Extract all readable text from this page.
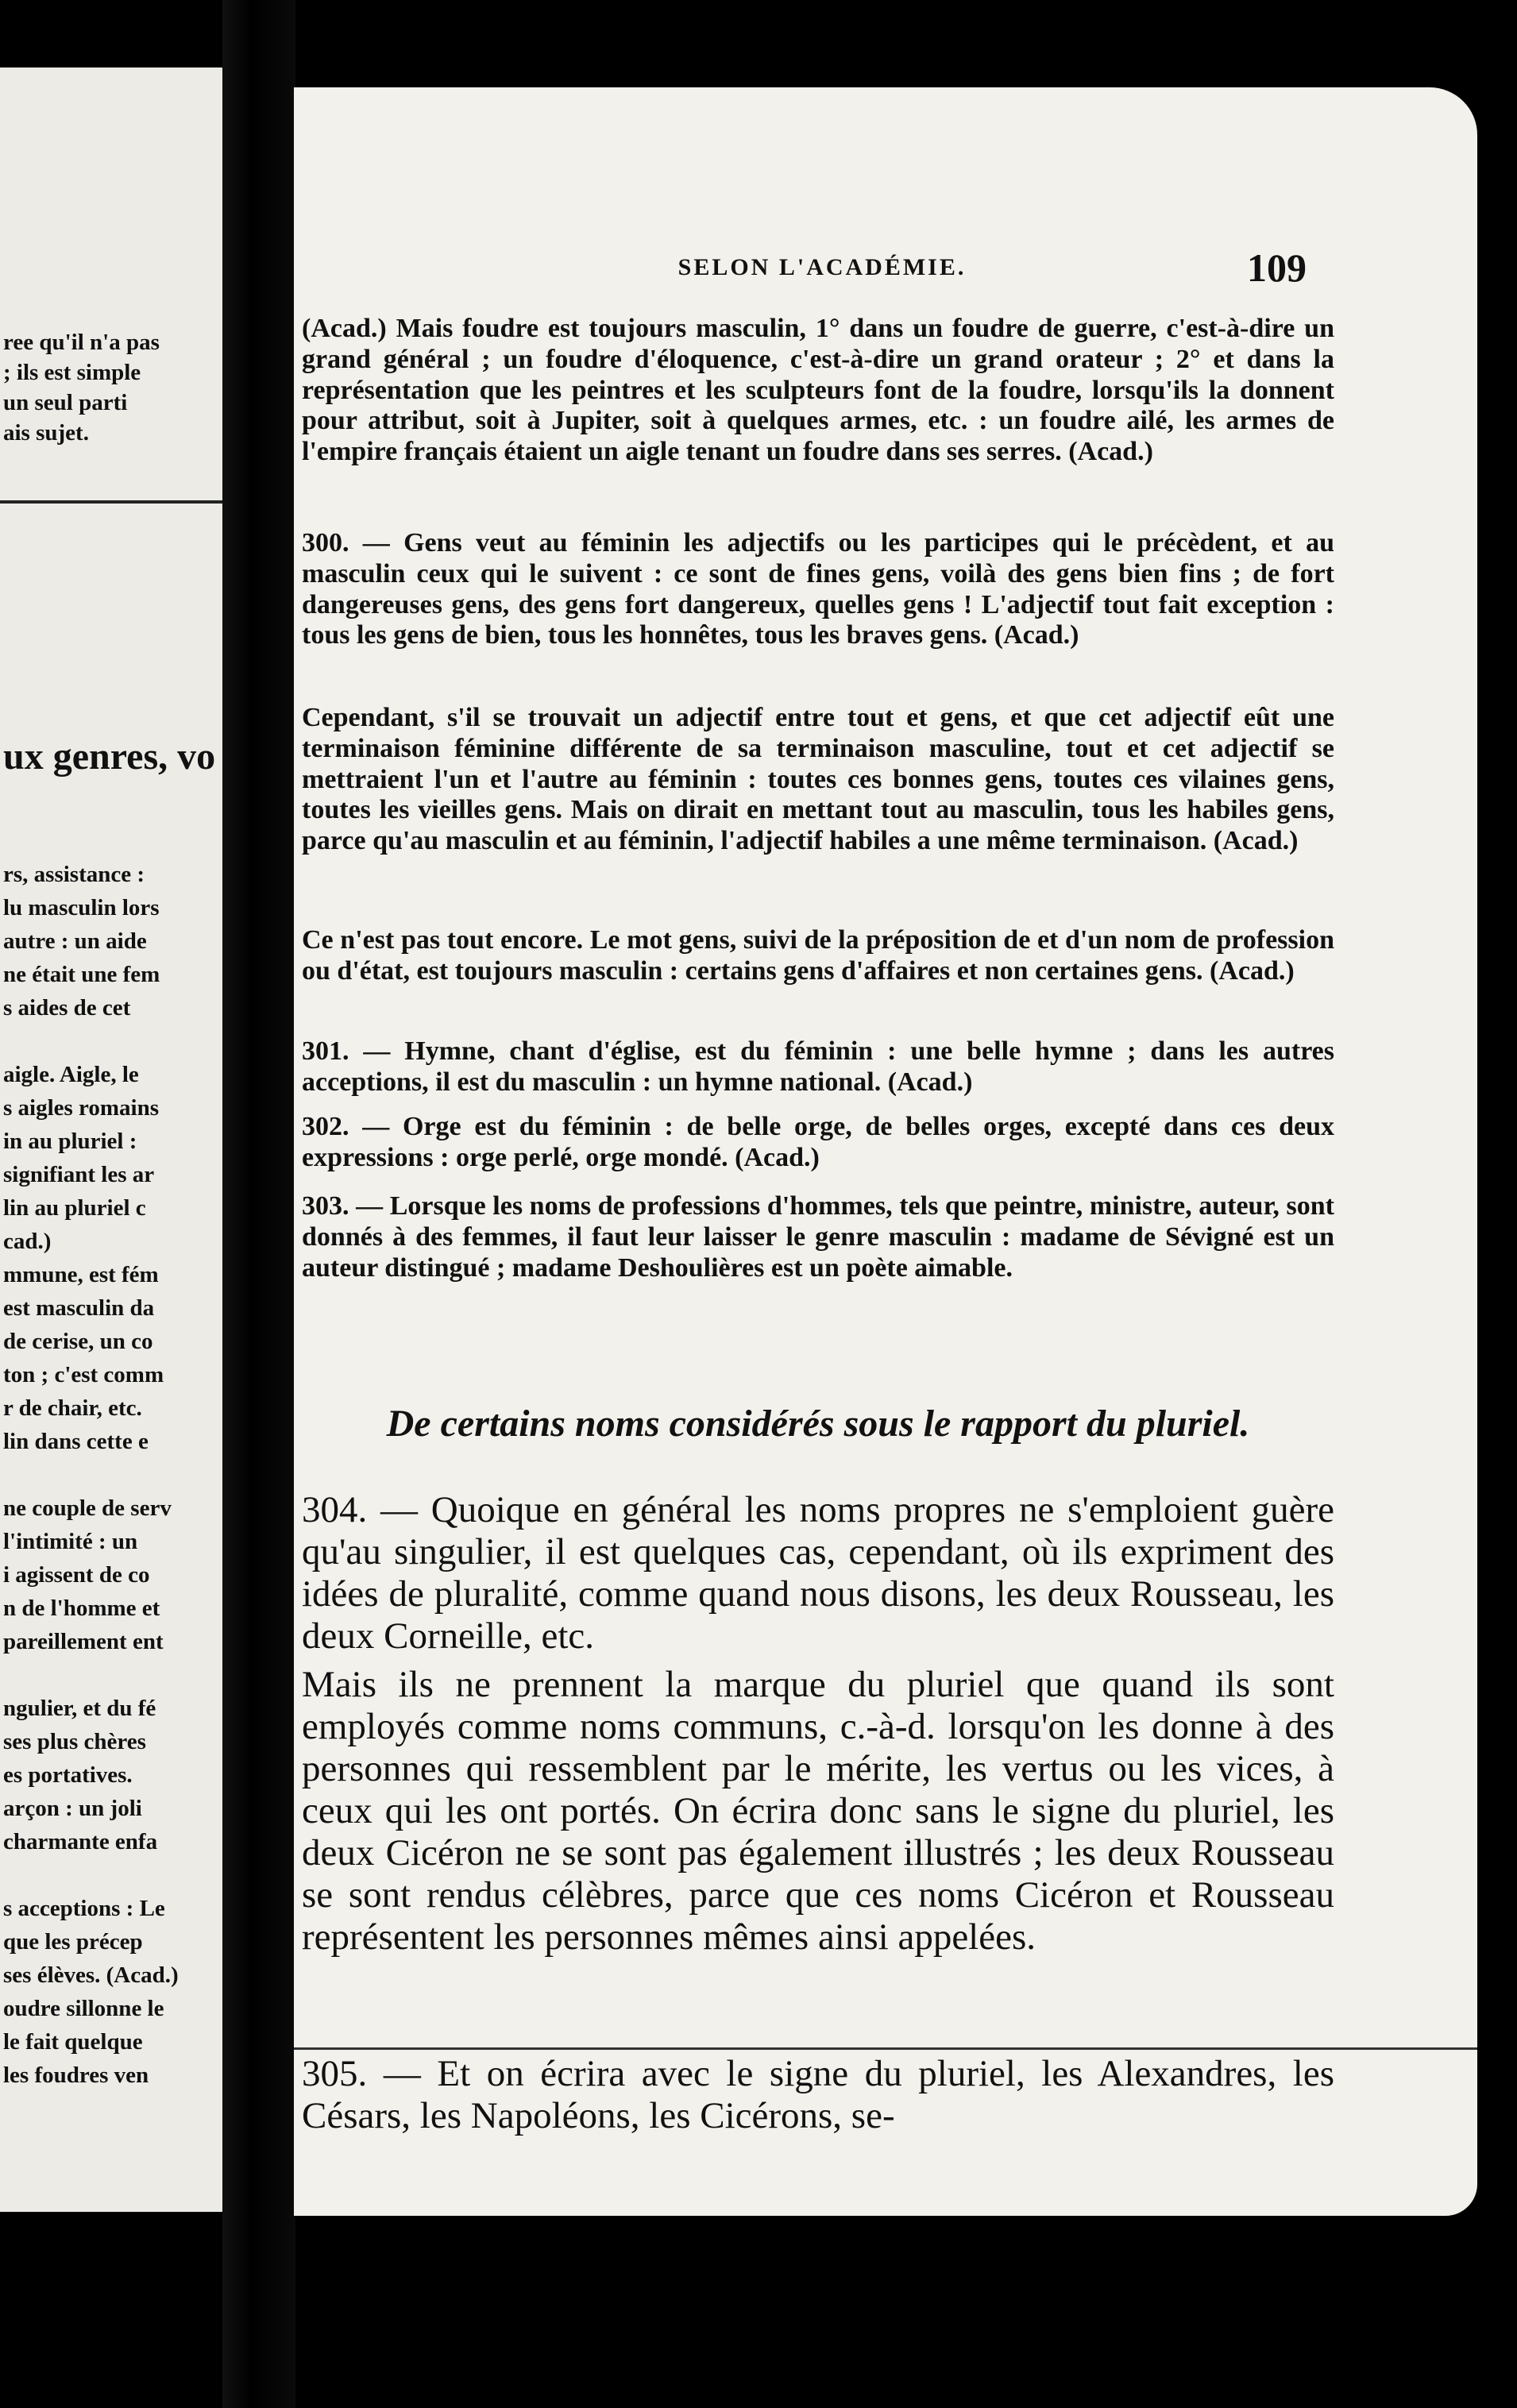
ree qu'il n'a pas
; ils est simple
un seul parti
ais sujet.
ux genres, vo
rs, assistance :
lu masculin lors
autre : un aide
ne était une fem
s aides de cet
aigle. Aigle, le
s aigles romains
in au pluriel :
signifiant les ar
lin au pluriel c
cad.)
mmune, est fém
est masculin da
de cerise, un co
ton ; c'est comm
r de chair, etc.
lin dans cette e
ne couple de serv
l'intimité : un
i agissent de co
n de l'homme et
pareillement ent
ngulier, et du fé
ses plus chères
es portatives.
arçon : un joli
charmante enfa
s acceptions : Le
que les précep
ses élèves. (Acad.)
oudre sillonne le
le fait quelque
les foudres ven
SELON L'ACADÉMIE.	109

(Acad.) Mais foudre est toujours masculin, 1° dans un foudre de guerre, c'est-à-dire un grand général ; un foudre d'éloquence, c'est-à-dire un grand orateur ; 2° et dans la représentation que les peintres et les sculpteurs font de la foudre, lorsqu'ils la donnent pour attribut, soit à Jupiter, soit à quelques armes, etc. : un foudre ailé, les armes de l'empire français étaient un aigle tenant un foudre dans ses serres. (Acad.)

300. — Gens veut au féminin les adjectifs ou les participes qui le précèdent, et au masculin ceux qui le suivent : ce sont de fines gens, voilà des gens bien fins ; de fort dangereuses gens, des gens fort dangereux, quelles gens ! L'adjectif tout fait exception : tous les gens de bien, tous les honnêtes, tous les braves gens. (Acad.)

Cependant, s'il se trouvait un adjectif entre tout et gens, et que cet adjectif eût une terminaison féminine différente de sa terminaison masculine, tout et cet adjectif se mettraient l'un et l'autre au féminin : toutes ces bonnes gens, toutes ces vilaines gens, toutes les vieilles gens. Mais on dirait en mettant tout au masculin, tous les habiles gens, parce qu'au masculin et au féminin, l'adjectif habiles a une même terminaison. (Acad.)

Ce n'est pas tout encore. Le mot gens, suivi de la préposition de et d'un nom de profession ou d'état, est toujours masculin : certains gens d'affaires et non certaines gens. (Acad.)

301. — Hymne, chant d'église, est du féminin : une belle hymne ; dans les autres acceptions, il est du masculin : un hymne national. (Acad.)

302. — Orge est du féminin : de belle orge, de belles orges, excepté dans ces deux expressions : orge perlé, orge mondé. (Acad.)

303. — Lorsque les noms de professions d'hommes, tels que peintre, ministre, auteur, sont donnés à des femmes, il faut leur laisser le genre masculin : madame de Sévigné est un auteur distingué ; madame Deshoulières est un poète aimable.

De certains noms considérés sous le rapport du pluriel.

304. — Quoique en général les noms propres ne s'emploient guère qu'au singulier, il est quelques cas, cependant, où ils expriment des idées de pluralité, comme quand nous disons, les deux Rousseau, les deux Corneille, etc.

Mais ils ne prennent la marque du pluriel que quand ils sont employés comme noms communs, c.-à-d. lorsqu'on les donne à des personnes qui ressemblent par le mérite, les vertus ou les vices, à ceux qui les ont portés. On écrira donc sans le signe du pluriel, les deux Cicéron ne se sont pas également illustrés ; les deux Rousseau se sont rendus célèbres, parce que ces noms Cicéron et Rousseau représentent les personnes mêmes ainsi appelées.

305. — Et on écrira avec le signe du pluriel, les Alexandres, les Césars, les Napoléons, les Cicérons, se-
